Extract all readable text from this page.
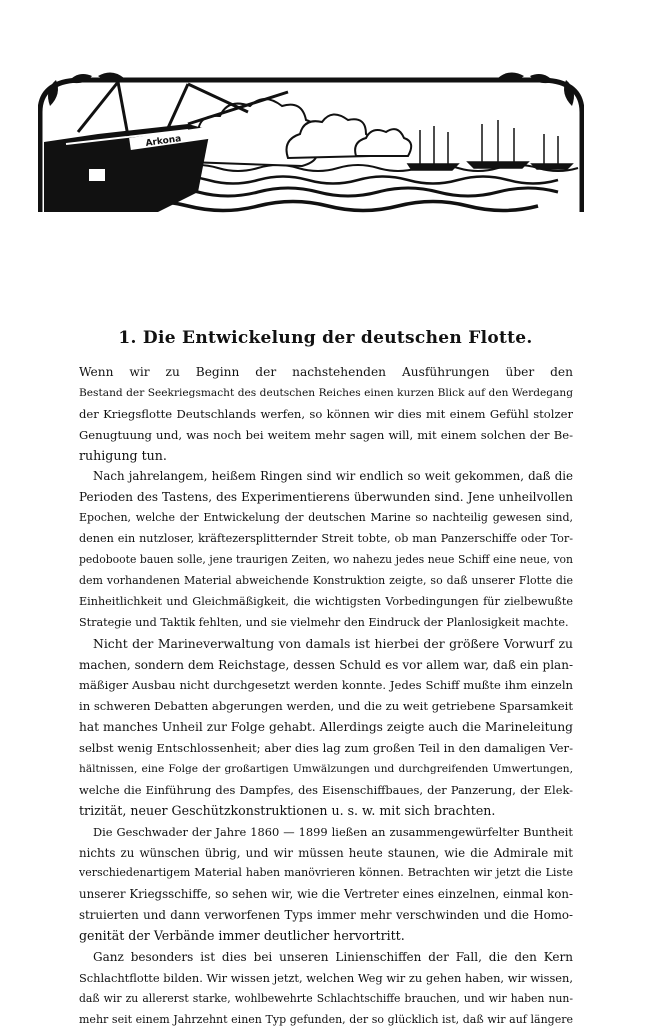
Arkona
1. Die Entwickelung der deutschen Flotte.

Wenn wir zu Beginn der nachstehenden Ausführungen über den
Bestand der Seekriegsmacht des deutschen Reiches einen kurzen Blick auf den Werdegang
der Kriegsflotte Deutschlands werfen, so können wir dies mit einem Gefühl stolzer
Genugtuung und, was noch bei weitem mehr sagen will, mit einem solchen der Be-
ruhigung tun.

Nach jahrelangem, heißem Ringen sind wir endlich so weit gekommen, daß die
Perioden des Tastens, des Experimentierens überwunden sind. Jene unheilvollen
Epochen, welche der Entwickelung der deutschen Marine so nachteilig gewesen sind,
denen ein nutzloser, kräftezersplitternder Streit tobte, ob man Panzerschiffe oder Tor-
pedoboote bauen solle, jene traurigen Zeiten, wo nahezu jedes neue Schiff eine neue, von
dem vorhandenen Material abweichende Konstruktion zeigte, so daß unserer Flotte die
Einheitlichkeit und Gleichmäßigkeit, die wichtigsten Vorbedingungen für zielbewußte
Strategie und Taktik fehlten, und sie vielmehr den Eindruck der Planlosigkeit machte.

Nicht der Marineverwaltung von damals ist hierbei der größere Vorwurf zu
machen, sondern dem Reichstage, dessen Schuld es vor allem war, daß ein plan-
mäßiger Ausbau nicht durchgesetzt werden konnte. Jedes Schiff mußte ihm einzeln
in schweren Debatten abgerungen werden, und die zu weit getriebene Sparsamkeit
hat manches Unheil zur Folge gehabt. Allerdings zeigte auch die Marineleitung
selbst wenig Entschlossenheit; aber dies lag zum großen Teil in den damaligen Ver-
hältnissen, eine Folge der großartigen Umwälzungen und durchgreifenden Umwertungen,
welche die Einführung des Dampfes, des Eisenschiffbaues, der Panzerung, der Elek-
trizität, neuer Geschützkonstruktionen u. s. w. mit sich brachten.

Die Geschwader der Jahre 1860 — 1899 ließen an zusammengewürfelter Buntheit
nichts zu wünschen übrig, und wir müssen heute staunen, wie die Admirale mit
verschiedenartigem Material haben manövrieren können. Betrachten wir jetzt die Liste
unserer Kriegsschiffe, so sehen wir, wie die Vertreter eines einzelnen, einmal kon-
struierten und dann verworfenen Typs immer mehr verschwinden und die Homo-
genität der Verbände immer deutlicher hervortritt.

Ganz besonders ist dies bei unseren Linienschiffen der Fall, die den Kern
Schlachtflotte bilden. Wir wissen jetzt, welchen Weg wir zu gehen haben, wir wissen,
daß wir zu allererst starke, wohlbewehrte Schlachtschiffe brauchen, und wir haben nun-
mehr seit einem Jahrzehnt einen Typ gefunden, der so glücklich ist, daß wir auf längere
